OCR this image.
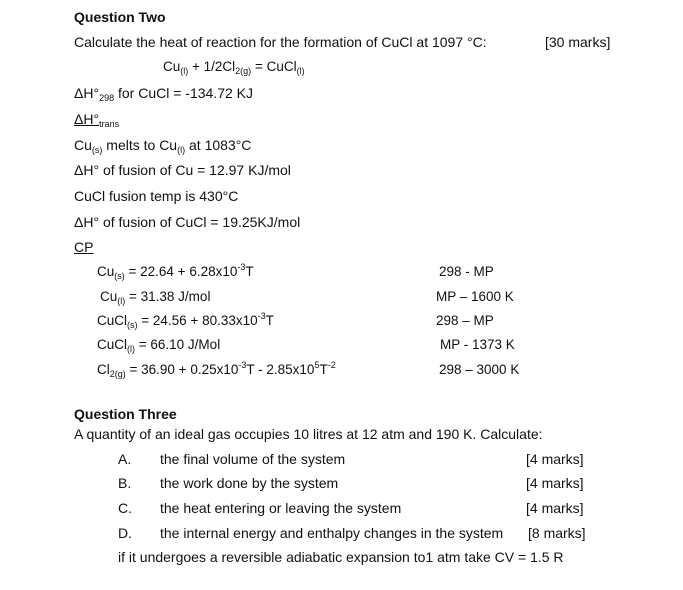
Question Two
Calculate the heat of reaction for the formation of CuCl at 1097 °C:	[30 marks]
$Cu_{(l)} + 1/2Cl_{2(g)}$ = CuCl$_{(l)}$
$\Delta H^\circ_{298}$ for CuCl = -134.72 KJ
$\Delta H^\circ_{trans}$
$Cu_{(s)}$ melts to $Cu_{(l)}$ at 1083°C
ΔH° of fusion of Cu = 12.97 KJ/mol
CuCl fusion temp is 430°C
ΔH° of fusion of CuCl = 19.25KJ/mol
CP
$Cu_{(s)} = 22.64 + 6.28x10^{-3}T$	298 - MP
$Cu_{(l)} = 31.38$ J/mol	MP – 1600 K
CuCl$_{(s)}$ = $24.56 + 80.33x10^{-3}T$	298 – MP
CuCl$_{(l)}$ = 66.10 J/Mol	MP - 1373 K
$Cl_{2(g)} = 36.90 + 0.25x10^{-3}T - 2.85x10^5T^{-2}$	298 – 3000 K
Question Three
A quantity of an ideal gas occupies 10 litres at 12 atm and 190 K. Calculate:
A. the final volume of the system	[4 marks]
B. the work done by the system	[4 marks]
C. the heat entering or leaving the system	[4 marks]
D. the internal energy and enthalpy changes in the system [8 marks]
if it undergoes a reversible adiabatic expansion to1 atm take CV = 1.5 R
